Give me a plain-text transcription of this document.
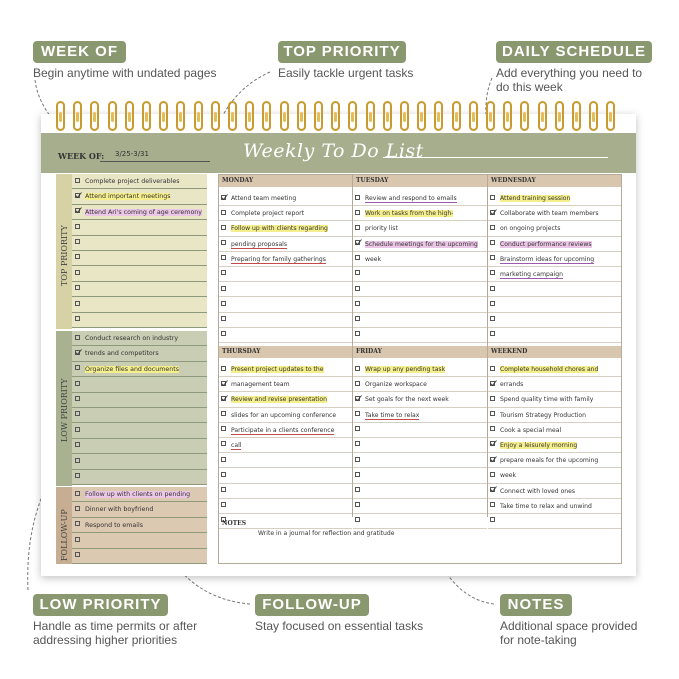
WEEK OF
Begin anytime with undated pages
TOP PRIORITY
Easily tackle urgent tasks
DAILY SCHEDULE
Add everything you need to
do this week
LOW PRIORITY
Handle as time permits or after
addressing higher priorities
FOLLOW-UP
Stay focused on essential tasks
NOTES
Additional space provided
for note-taking
WEEK OF: 3/25-3/31	Weekly To Do List
Complete project deliverables
Attend important meetings
Attend Ari's coming of age ceremony
TOP PRIORITY
Conduct research on industry
trends and competitors
Organize files and documents
LOW PRIORITY
Follow up with clients on pending
Dinner with boyfriend
Respond to emails
FOLLOW-UP
MONDAY
Attend team meeting
Complete project report
Follow up with clients regarding
pending proposals
Preparing for family gatherings
TUESDAY
Review and respond to emails
Work on tasks from the high-
priority list
Schedule meetings for the upcoming
week
WEDNESDAY
Attend training session
Collaborate with team members
on ongoing projects
Conduct performance reviews
Brainstorm ideas for upcoming
marketing campaign
THURSDAY
Present project updates to the
management team
Review and revise presentation
slides for an upcoming conference
Participate in a clients conference
call
FRIDAY
Wrap up any pending task
Organize workspace
Set goals for the next week
Take time to relax
WEEKEND
Complete household chores and
errands
Spend quality time with family
Tourism Strategy Production
Cook a special meal
Enjoy a leisurely morning
prepare meals for the upcoming
week
Connect with loved ones
Take time to relax and unwind
NOTES
Write in a journal for reflection and gratitude
